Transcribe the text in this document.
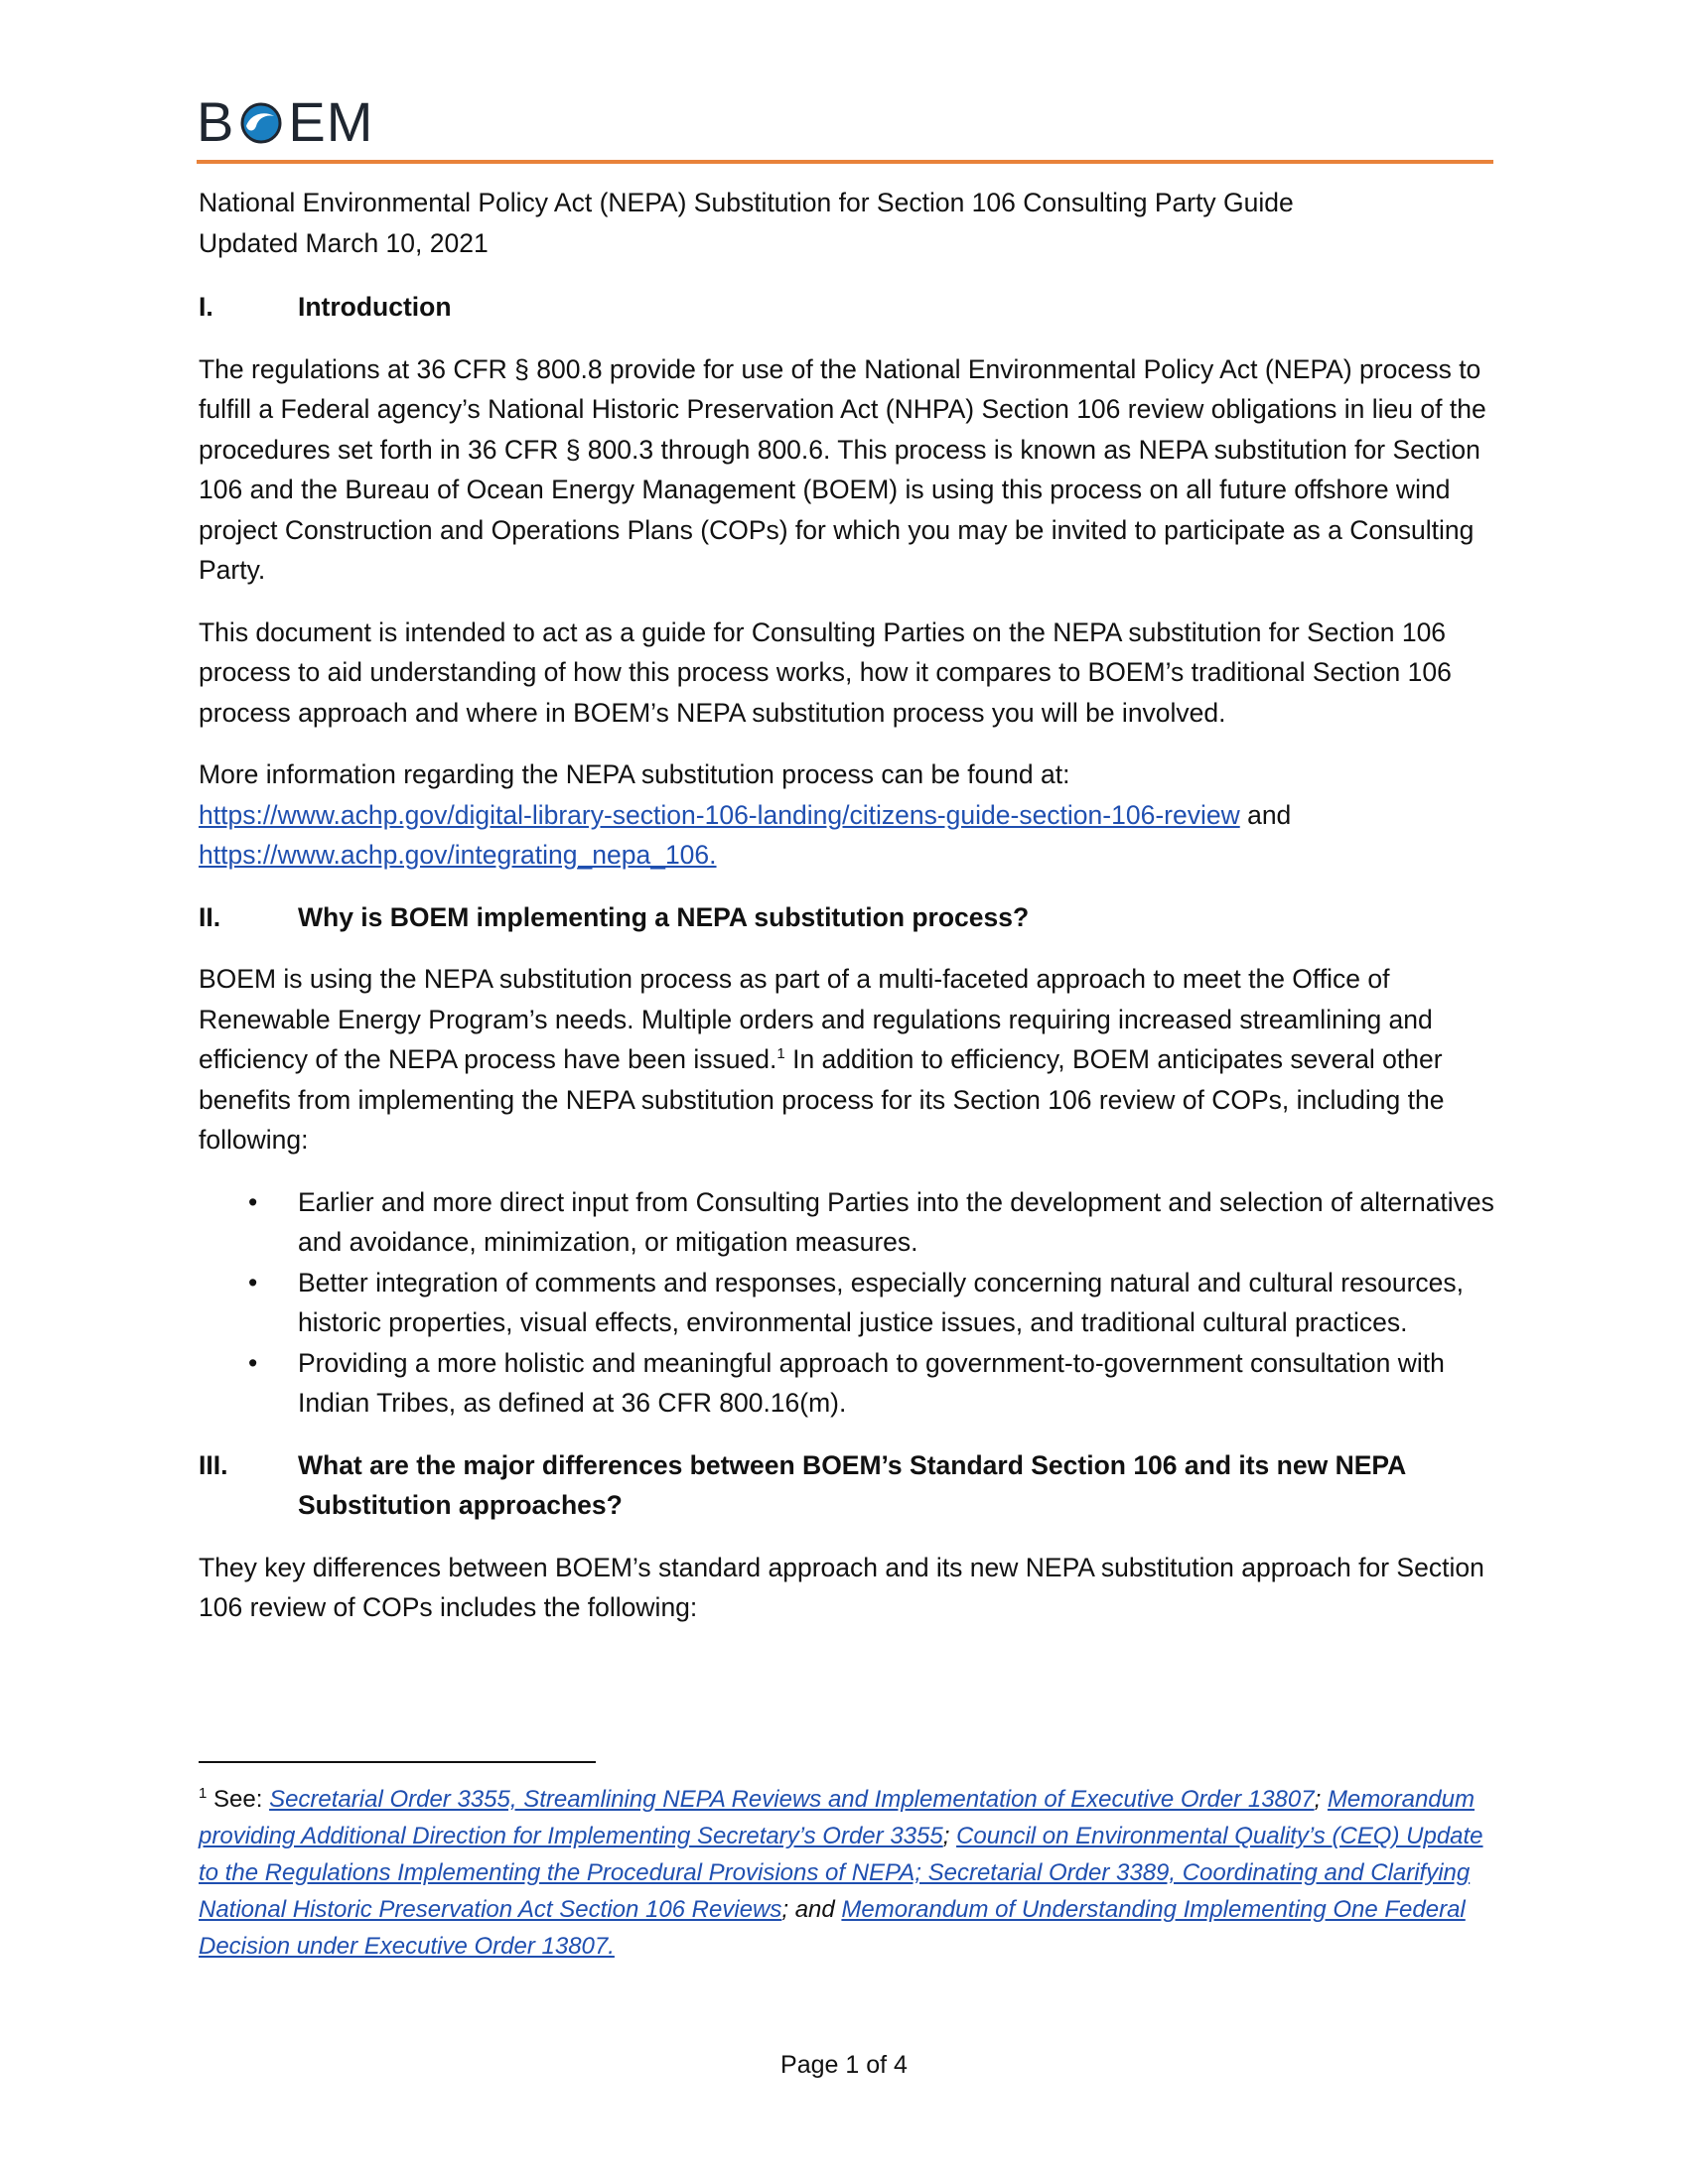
B EM

National Environmental Policy Act (NEPA) Substitution for Section 106 Consulting Party Guide

Updated March 10, 2021

I.	Introduction

The regulations at 36 CFR § 800.8 provide for use of the National Environmental Policy Act (NEPA) process to fulfill a Federal agency’s National Historic Preservation Act (NHPA) Section 106 review obligations in lieu of the procedures set forth in 36 CFR § 800.3 through 800.6. This process is known as NEPA substitution for Section 106 and the Bureau of Ocean Energy Management (BOEM) is using this process on all future offshore wind project Construction and Operations Plans (COPs) for which you may be invited to participate as a Consulting Party.

This document is intended to act as a guide for Consulting Parties on the NEPA substitution for Section 106 process to aid understanding of how this process works, how it compares to BOEM’s traditional Section 106 process approach and where in BOEM’s NEPA substitution process you will be involved.

More information regarding the NEPA substitution process can be found at:
https://www.achp.gov/digital-library-section-106-landing/citizens-guide-section-106-review and
https://www.achp.gov/integrating_nepa_106.

II.	Why is BOEM implementing a NEPA substitution process?

BOEM is using the NEPA substitution process as part of a multi-faceted approach to meet the Office of Renewable Energy Program’s needs. Multiple orders and regulations requiring increased streamlining and efficiency of the NEPA process have been issued.$^1$ In addition to efficiency, BOEM anticipates several other benefits from implementing the NEPA substitution process for its Section 106 review of COPs, including the following:

• Earlier and more direct input from Consulting Parties into the development and selection of alternatives and avoidance, minimization, or mitigation measures.
• Better integration of comments and responses, especially concerning natural and cultural resources, historic properties, visual effects, environmental justice issues, and traditional cultural practices.
• Providing a more holistic and meaningful approach to government-to-government consultation with Indian Tribes, as defined at 36 CFR 800.16(m).
III.	What are the major differences between BOEM’s Standard Section 106 and its new NEPA Substitution approaches?

They key differences between BOEM’s standard approach and its new NEPA substitution approach for Section 106 review of COPs includes the following:

$^1$ See: Secretarial Order 3355, Streamlining NEPA Reviews and Implementation of Executive Order 13807; Memorandum providing Additional Direction for Implementing Secretary’s Order 3355; Council on Environmental Quality’s (CEQ) Update to the Regulations Implementing the Procedural Provisions of NEPA; Secretarial Order 3389, Coordinating and Clarifying National Historic Preservation Act Section 106 Reviews; and Memorandum of Understanding Implementing One Federal Decision under Executive Order 13807.
Page 1 of 4
